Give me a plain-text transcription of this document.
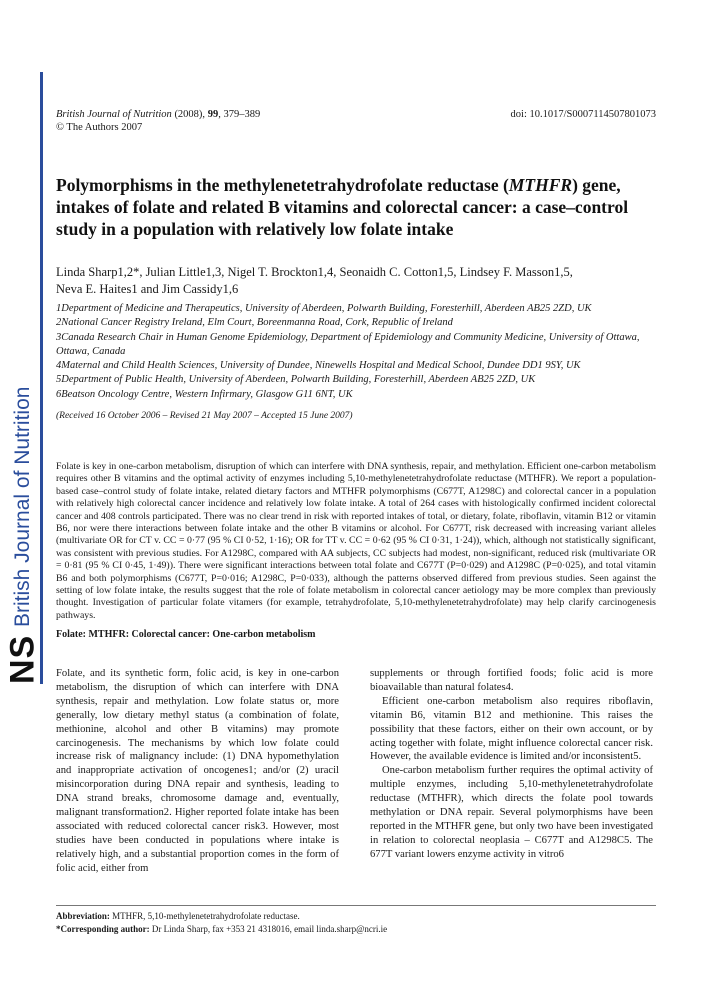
NS
British Journal of Nutrition
British Journal of Nutrition (2008), 99, 379–389
© The Authors 2007
doi: 10.1017/S0007114507801073
Polymorphisms in the methylenetetrahydrofolate reductase (MTHFR) gene, intakes of folate and related B vitamins and colorectal cancer: a case–control study in a population with relatively low folate intake
Linda Sharp1,2*, Julian Little1,3, Nigel T. Brockton1,4, Seonaidh C. Cotton1,5, Lindsey F. Masson1,5,
Neva E. Haites1 and Jim Cassidy1,6
1Department of Medicine and Therapeutics, University of Aberdeen, Polwarth Building, Foresterhill, Aberdeen AB25 2ZD, UK
2National Cancer Registry Ireland, Elm Court, Boreenmanna Road, Cork, Republic of Ireland
3Canada Research Chair in Human Genome Epidemiology, Department of Epidemiology and Community Medicine, University of Ottawa, Ottawa, Canada
4Maternal and Child Health Sciences, University of Dundee, Ninewells Hospital and Medical School, Dundee DD1 9SY, UK
5Department of Public Health, University of Aberdeen, Polwarth Building, Foresterhill, Aberdeen AB25 2ZD, UK
6Beatson Oncology Centre, Western Infirmary, Glasgow G11 6NT, UK
(Received 16 October 2006 – Revised 21 May 2007 – Accepted 15 June 2007)
Folate is key in one-carbon metabolism, disruption of which can interfere with DNA synthesis, repair, and methylation. Efficient one-carbon metabolism requires other B vitamins and the optimal activity of enzymes including 5,10-methylenetetrahydrofolate reductase (MTHFR). We report a population-based case–control study of folate intake, related dietary factors and MTHFR polymorphisms (C677T, A1298C) and colorectal cancer in a population with relatively high colorectal cancer incidence and relatively low folate intake. A total of 264 cases with histologically confirmed incident colorectal cancer and 408 controls participated. There was no clear trend in risk with reported intakes of total, or dietary, folate, riboflavin, vitamin B12 or vitamin B6, nor were there interactions between folate intake and the other B vitamins or alcohol. For C677T, risk decreased with increasing variant alleles (multivariate OR for CT v. CC = 0·77 (95 % CI 0·52, 1·16); OR for TT v. CC = 0·62 (95 % CI 0·31, 1·24)), which, although not statistically significant, was consistent with previous studies. For A1298C, compared with AA subjects, CC subjects had modest, non-significant, reduced risk (multivariate OR = 0·81 (95 % CI 0·45, 1·49)). There were significant interactions between total folate and C677T (P=0·029) and A1298C (P=0·025), and total vitamin B6 and both polymorphisms (C677T, P=0·016; A1298C, P=0·033), although the patterns observed differed from previous studies. Seen against the setting of low folate intake, the results suggest that the role of folate metabolism in colorectal cancer aetiology may be more complex than previously thought. Investigation of particular folate vitamers (for example, tetrahydrofolate, 5,10-methylenetetrahydrofolate) may help clarify carcinogenesis pathways.
Folate: MTHFR: Colorectal cancer: One-carbon metabolism

Folate, and its synthetic form, folic acid, is key in one-carbon metabolism, the disruption of which can interfere with DNA synthesis, repair and methylation. Low folate status or, more generally, low dietary methyl status (a combination of folate, methionine, alcohol and other B vitamins) may promote carcinogenesis. The mechanisms by which low folate could increase risk of malignancy include: (1) DNA hypomethylation and inappropriate activation of oncogenes1; and/or (2) uracil misincorporation during DNA repair and synthesis, leading to DNA strand breaks, chromosome damage and, eventually, malignant transformation2. Higher reported folate intake has been associated with reduced colorectal cancer risk3. However, most studies have been conducted in populations where intake is relatively high, and a substantial proportion comes in the form of folic acid, either from

supplements or through fortified foods; folic acid is more bioavailable than natural folates4.

Efficient one-carbon metabolism also requires riboflavin, vitamin B6, vitamin B12 and methionine. This raises the possibility that these factors, either on their own account, or by acting together with folate, might influence colorectal cancer risk. However, the available evidence is limited and/or inconsistent5.

One-carbon metabolism further requires the optimal activity of multiple enzymes, including 5,10-methylenetetrahydrofolate reductase (MTHFR), which directs the folate pool towards methylation or DNA repair. Several polymorphisms have been reported in the MTHFR gene, but only two have been investigated in relation to colorectal neoplasia – C677T and A1298C5. The 677T variant lowers enzyme activity in vitro6

Abbreviation: MTHFR, 5,10-methylenetetrahydrofolate reductase.

*Corresponding author: Dr Linda Sharp, fax +353 21 4318016, email linda.sharp@ncri.ie
